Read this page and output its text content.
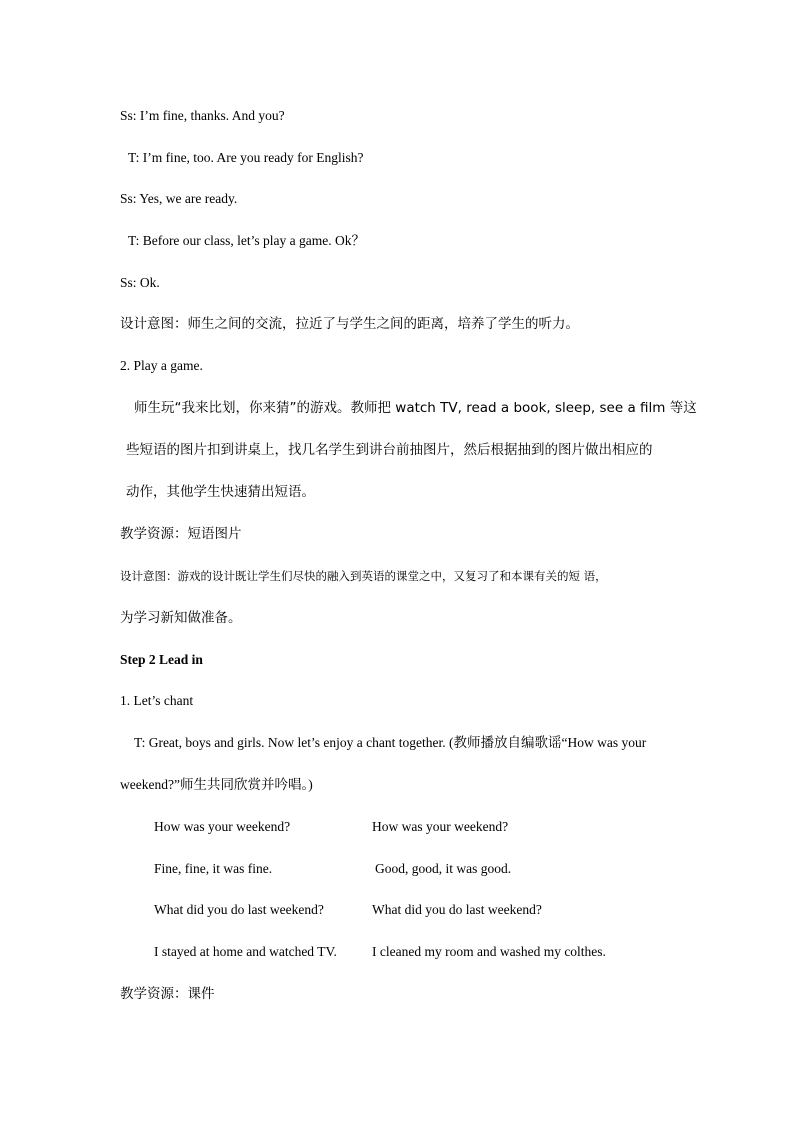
Ss: I’m fine, thanks. And you?
T: I’m fine, too. Are you ready for English?
Ss: Yes, we are ready.
T: Before our class, let’s play a game. Ok？
Ss: Ok.
设计意图：师生之间的交流，拉近了与学生之间的距离，培养了学生的听力。
2. Play a game.
师生玩“我来比划，你来猜”的游戏。教师把 watch TV, read a book, sleep, see a film 等这
些短语的图片扣到讲桌上，找几名学生到讲台前抽图片，然后根据抽到的图片做出相应的
动作，其他学生快速猜出短语。
教学资源：短语图片
设计意图：游戏的设计既让学生们尽快的融入到英语的课堂之中，又复习了和本课有关的短 语，
为学习新知做准备。
Step 2 Lead in
1. Let’s chant
T: Great, boys and girls. Now let’s enjoy a chant together. (教师播放自编歌谣“How was your
weekend?”师生共同欣赏并吟唱。)
How was your weekend?	How was your weekend?
Fine, fine, it was fine.	Good, good, it was good.
What did you do last weekend?	What did you do last weekend?
I stayed at home and watched TV.	I cleaned my room and washed my colthes.
教学资源：课件
